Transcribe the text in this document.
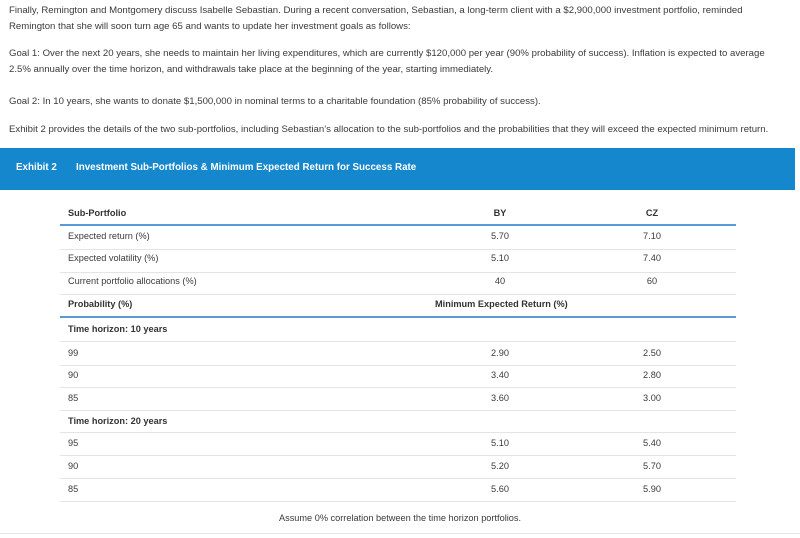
Finally, Remington and Montgomery discuss Isabelle Sebastian. During a recent conversation, Sebastian, a long-term client with a $2,900,000 investment portfolio, reminded
Remington that she will soon turn age 65 and wants to update her investment goals as follows:
Goal 1: Over the next 20 years, she needs to maintain her living expenditures, which are currently $120,000 per year (90% probability of success). Inflation is expected to average
2.5% annually over the time horizon, and withdrawals take place at the beginning of the year, starting immediately.
Goal 2: In 10 years, she wants to donate $1,500,000 in nominal terms to a charitable foundation (85% probability of success).
Exhibit 2 provides the details of the two sub-portfolios, including Sebastian’s allocation to the sub-portfolios and the probabilities that they will exceed the expected minimum return.
Exhibit 2 Investment Sub-Portfolios & Minimum Expected Return for Success Rate
Sub-Portfolio	BY	CZ
Expected return (%)	5.70	7.10
Expected volatility (%)	5.10	7.40
Current portfolio allocations (%)	40	60
Probability (%)	Minimum Expected Return (%)
Time horizon: 10 years
99	2.90	2.50
90	3.40	2.80
85	3.60	3.00
Time horizon: 20 years
95	5.10	5.40
90	5.20	5.70
85	5.60	5.90
Assume 0% correlation between the time horizon portfolios.
